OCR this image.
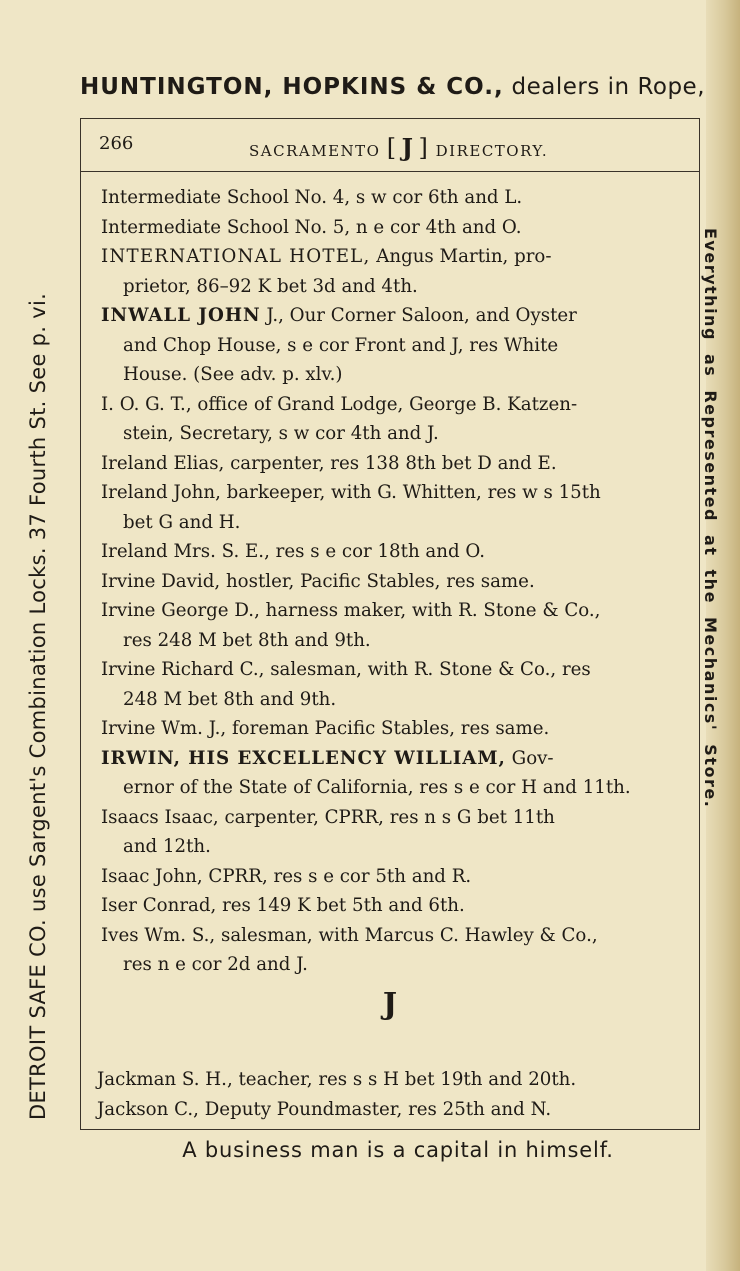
HUNTINGTON, HOPKINS & CO., dealers in Rope,
DETROIT SAFE CO. use Sargent's Combination Locks. 37 Fourth St. See p. vi.	Everything as Represented at the Mechanics' Store.
266	SACRAMENTO [ J ] DIRECTORY.
Intermediate School No. 4, s w cor 6th and L.
Intermediate School No. 5, n e cor 4th and O.
INTERNATIONAL HOTEL, Angus Martin, pro-
prietor, 86–92 K bet 3d and 4th.
INWALL JOHN J., Our Corner Saloon, and Oyster
and Chop House, s e cor Front and J, res White
House. (See adv. p. xlv.)
I. O. G. T., office of Grand Lodge, George B. Katzen-
stein, Secretary, s w cor 4th and J.
Ireland Elias, carpenter, res 138 8th bet D and E.
Ireland John, barkeeper, with G. Whitten, res w s 15th
bet G and H.
Ireland Mrs. S. E., res s e cor 18th and O.
Irvine David, hostler, Pacific Stables, res same.
Irvine George D., harness maker, with R. Stone & Co.,
res 248 M bet 8th and 9th.
Irvine Richard C., salesman, with R. Stone & Co., res
248 M bet 8th and 9th.
Irvine Wm. J., foreman Pacific Stables, res same.
IRWIN, HIS EXCELLENCY WILLIAM, Gov-
ernor of the State of California, res s e cor H and 11th.
Isaacs Isaac, carpenter, CPRR, res n s G bet 11th
and 12th.
Isaac John, CPRR, res s e cor 5th and R.
Iser Conrad, res 149 K bet 5th and 6th.
Ives Wm. S., salesman, with Marcus C. Hawley & Co.,
res n e cor 2d and J.
J
Jackman S. H., teacher, res s s H bet 19th and 20th.
Jackson C., Deputy Poundmaster, res 25th and N.
A business man is a capital in himself.
